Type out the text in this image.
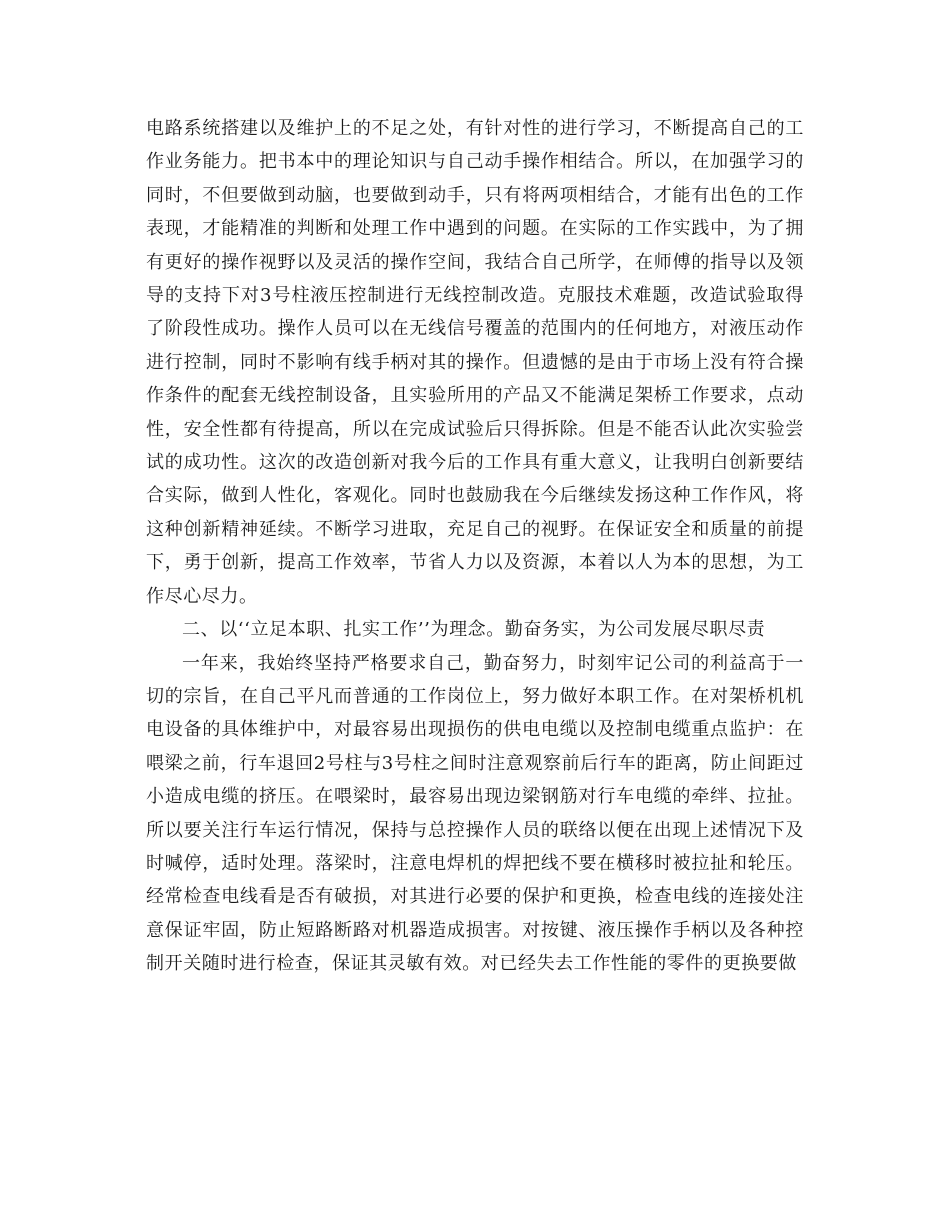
电路系统搭建以及维护上的不足之处，有针对性的进行学习，不断提高自己的工作业务能力。把书本中的理论知识与自己动手操作相结合。所以，在加强学习的同时，不但要做到动脑，也要做到动手，只有将两项相结合，才能有出色的工作表现，才能精准的判断和处理工作中遇到的问题。在实际的工作实践中，为了拥有更好的操作视野以及灵活的操作空间，我结合自己所学，在师傅的指导以及领导的支持下对3号柱液压控制进行无线控制改造。克服技术难题，改造试验取得了阶段性成功。操作人员可以在无线信号覆盖的范围内的任何地方，对液压动作进行控制，同时不影响有线手柄对其的操作。但遗憾的是由于市场上没有符合操作条件的配套无线控制设备，且实验所用的产品又不能满足架桥工作要求，点动性，安全性都有待提高，所以在完成试验后只得拆除。但是不能否认此次实验尝试的成功性。这次的改造创新对我今后的工作具有重大意义，让我明白创新要结合实际，做到人性化，客观化。同时也鼓励我在今后继续发扬这种工作作风，将这种创新精神延续。不断学习进取，充足自己的视野。在保证安全和质量的前提下，勇于创新，提高工作效率，节省人力以及资源，本着以人为本的思想，为工作尽心尽力。

二、以‘‘立足本职、扎实工作’’为理念。勤奋务实，为公司发展尽职尽责

一年来，我始终坚持严格要求自己，勤奋努力，时刻牢记公司的利益高于一切的宗旨，在自己平凡而普通的工作岗位上，努力做好本职工作。在对架桥机机电设备的具体维护中，对最容易出现损伤的供电电缆以及控制电缆重点监护：在喂梁之前，行车退回2号柱与3号柱之间时注意观察前后行车的距离，防止间距过小造成电缆的挤压。在喂梁时，最容易出现边梁钢筋对行车电缆的牵绊、拉扯。所以要关注行车运行情况，保持与总控操作人员的联络以便在出现上述情况下及时喊停，适时处理。落梁时，注意电焊机的焊把线不要在横移时被拉扯和轮压。经常检查电线看是否有破损，对其进行必要的保护和更换，检查电线的连接处注意保证牢固，防止短路断路对机器造成损害。对按键、液压操作手柄以及各种控制开关随时进行检查，保证其灵敏有效。对已经失去工作性能的零件的更换要做
